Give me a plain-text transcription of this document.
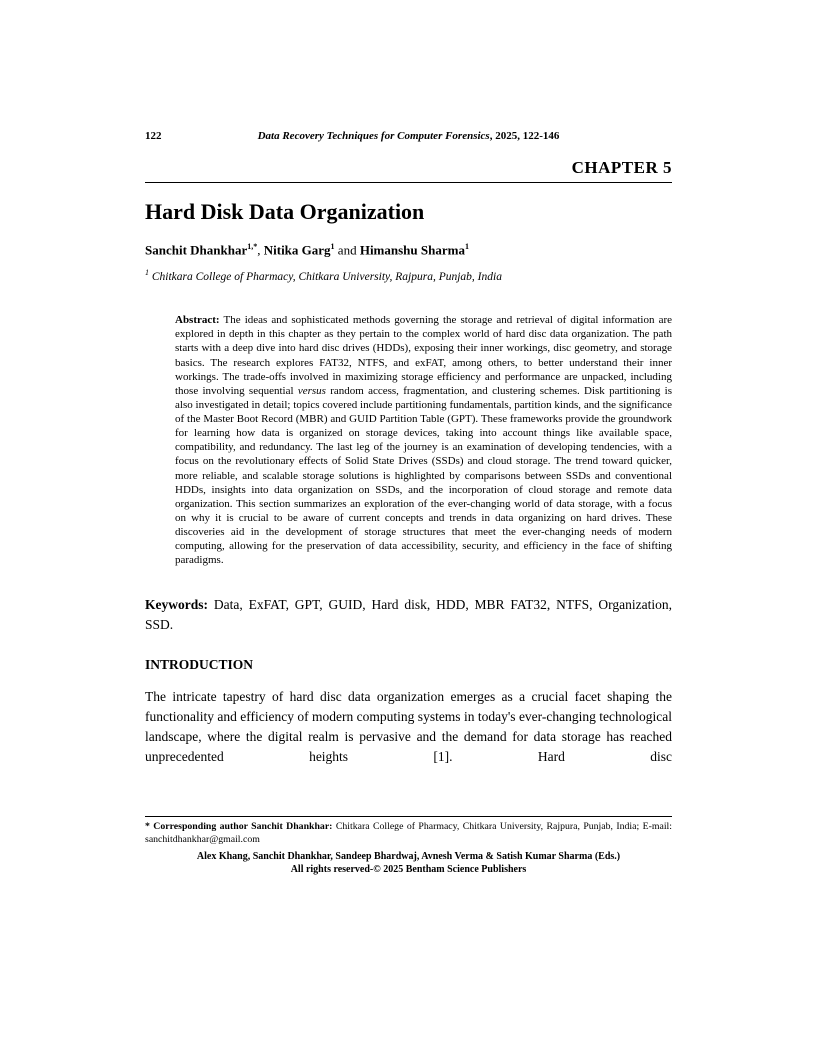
122	Data Recovery Techniques for Computer Forensics, 2025, 122-146
CHAPTER 5
Hard Disk Data Organization

Sanchit Dhankhar$^{1,*}$, Nitika Garg$^1$ and Himanshu Sharma$^1$

$^1$ Chitkara College of Pharmacy, Chitkara University, Rajpura, Punjab, India

Abstract: The ideas and sophisticated methods governing the storage and retrieval of digital information are explored in depth in this chapter as they pertain to the complex world of hard disc data organization. The path starts with a deep dive into hard disc drives (HDDs), exposing their inner workings, disc geometry, and storage basics. The research explores FAT32, NTFS, and exFAT, among others, to better understand their inner workings. The trade-offs involved in maximizing storage efficiency and performance are unpacked, including those involving sequential versus random access, fragmentation, and clustering schemes. Disk partitioning is also investigated in detail; topics covered include partitioning fundamentals, partition kinds, and the significance of the Master Boot Record (MBR) and GUID Partition Table (GPT). These frameworks provide the groundwork for learning how data is organized on storage devices, taking into account things like available space, compatibility, and redundancy. The last leg of the journey is an examination of developing tendencies, with a focus on the revolutionary effects of Solid State Drives (SSDs) and cloud storage. The trend toward quicker, more reliable, and scalable storage solutions is highlighted by comparisons between SSDs and conventional HDDs, insights into data organization on SSDs, and the incorporation of cloud storage and remote data organization. This section summarizes an exploration of the ever-changing world of data storage, with a focus on why it is crucial to be aware of current concepts and trends in data organizing on hard drives. These discoveries aid in the development of storage structures that meet the ever-changing needs of modern computing, allowing for the preservation of data accessibility, security, and efficiency in the face of shifting paradigms.

Keywords: Data, ExFAT, GPT, GUID, Hard disk, HDD, MBR FAT32, NTFS, Organization, SSD.

INTRODUCTION

The intricate tapestry of hard disc data organization emerges as a crucial facet shaping the functionality and efficiency of modern computing systems in today's ever-changing technological landscape, where the digital realm is pervasive and the demand for data storage has reached unprecedented heights [1]. Hard disc

* Corresponding author Sanchit Dhankhar: Chitkara College of Pharmacy, Chitkara University, Rajpura, Punjab, India; E-mail: sanchitdhankhar@gmail.com
Alex Khang, Sanchit Dhankhar, Sandeep Bhardwaj, Avnesh Verma & Satish Kumar Sharma (Eds.)
All rights reserved-© 2025 Bentham Science Publishers
